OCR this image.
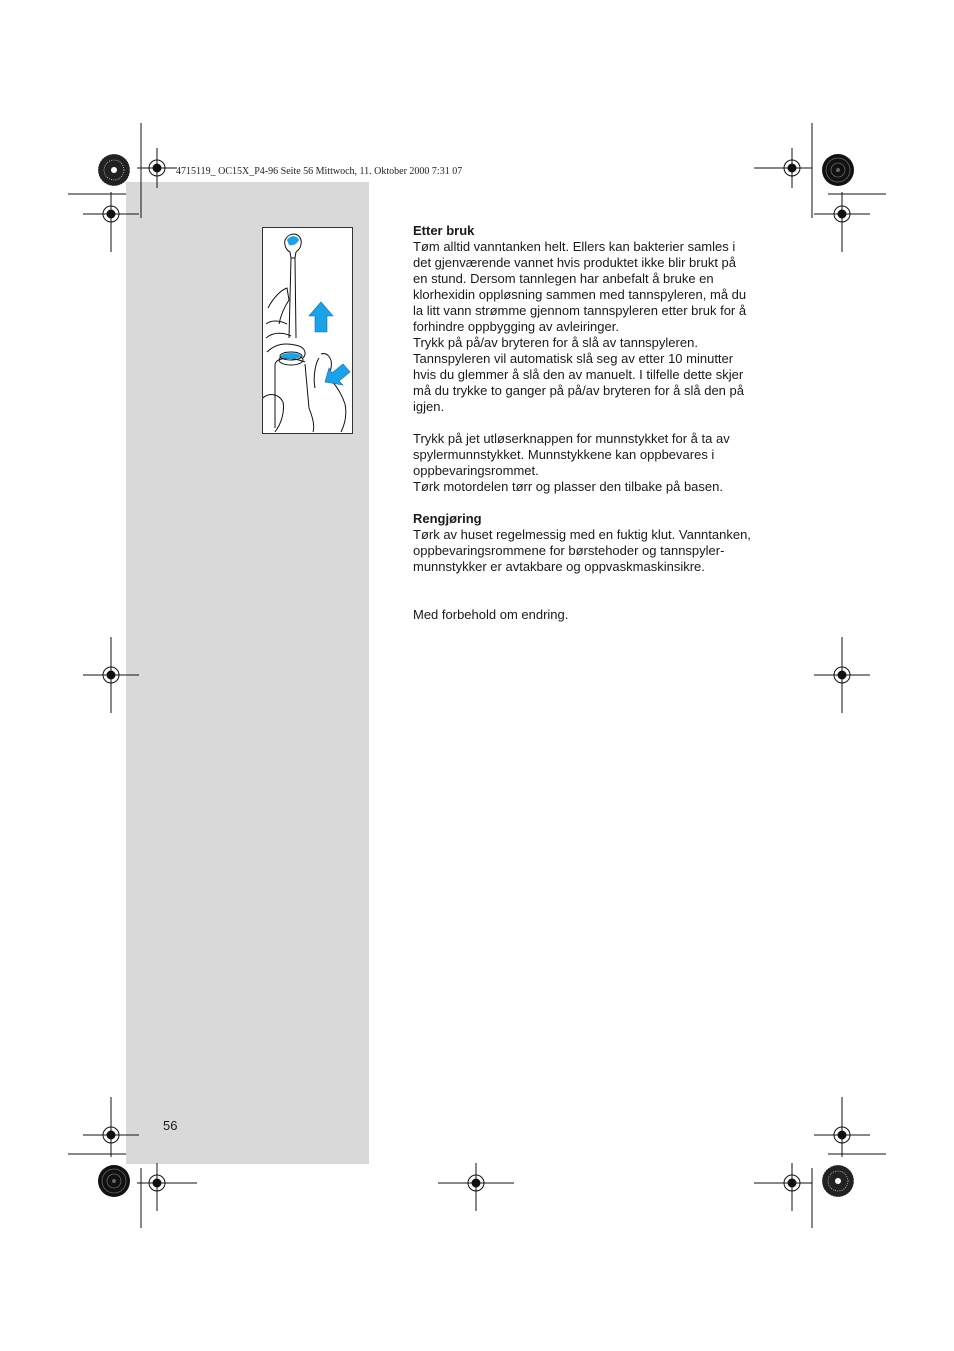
4715119_ OC15X_P4-96 Seite 56 Mittwoch, 11. Oktober 2000 7:31 07

Etter bruk

Tøm alltid vanntanken helt. Ellers kan bakterier samles i

det gjenværende vannet hvis produktet ikke blir brukt på

en stund. Dersom tannlegen har anbefalt å bruke en

klorhexidin oppløsning sammen med tannspyleren, må du

la litt vann strømme gjennom tannspyleren etter bruk for å

forhindre oppbygging av avleiringer.

Trykk på på/av bryteren for å slå av tannspyleren.

Tannspyleren vil automatisk slå seg av etter 10 minutter

hvis du glemmer å slå den av manuelt. I tilfelle dette skjer

må du trykke to ganger på på/av bryteren for å slå den på

igjen.

Trykk på jet utløserknappen for munnstykket for å ta av

spylermunnstykket. Munnstykkene kan oppbevares i

oppbevaringsrommet.

Tørk motordelen tørr og plasser den tilbake på basen.

Rengjøring

Tørk av huset regelmessig med en fuktig klut. Vanntanken,

oppbevaringsrommene for børstehoder og tannspyler-

munnstykker er avtakbare og oppvaskmaskinsikre.

Med forbehold om endring.

56
